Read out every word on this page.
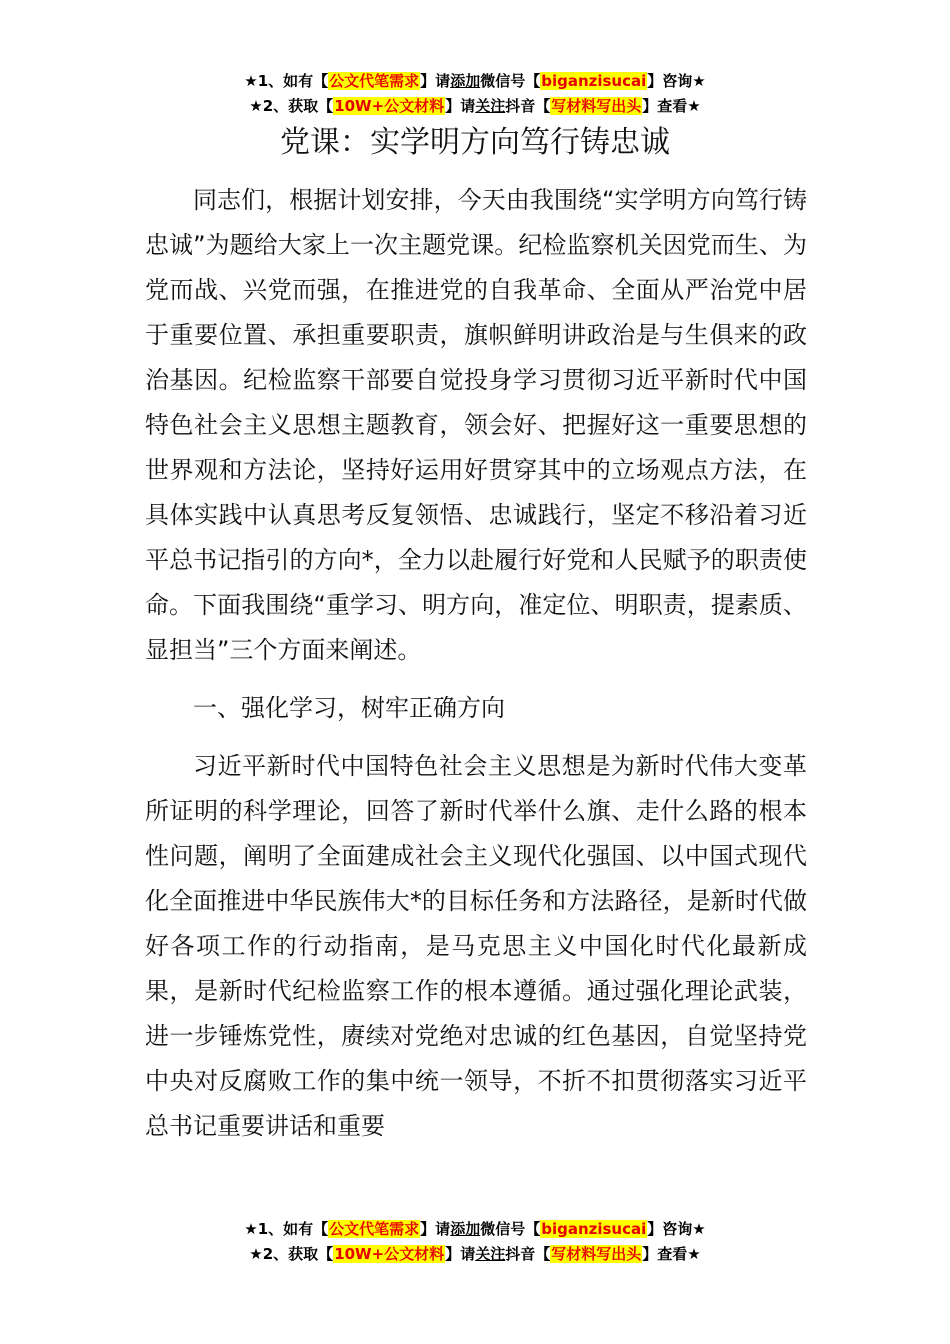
★1、如有【公文代笔需求】请添加微信号【biganzisucai】咨询★
★2、获取【10W+公文材料】请关注抖音【写材料写出头】查看★
党课：实学明方向笃行铸忠诚

同志们，根据计划安排，今天由我围绕“实学明方向笃行铸忠诚”为题给大家上一次主题党课。纪检监察机关因党而生、为党而战、兴党而强，在推进党的自我革命、全面从严治党中居于重要位置、承担重要职责，旗帜鲜明讲政治是与生俱来的政治基因。纪检监察干部要自觉投身学习贯彻习近平新时代中国特色社会主义思想主题教育，领会好、把握好这一重要思想的世界观和方法论，坚持好运用好贯穿其中的立场观点方法，在具体实践中认真思考反复领悟、忠诚践行，坚定不移沿着习近平总书记指引的方向*，全力以赴履行好党和人民赋予的职责使命。下面我围绕“重学习、明方向，准定位、明职责，提素质、显担当”三个方面来阐述。

一、强化学习，树牢正确方向

习近平新时代中国特色社会主义思想是为新时代伟大变革所证明的科学理论，回答了新时代举什么旗、走什么路的根本性问题，阐明了全面建成社会主义现代化强国、以中国式现代化全面推进中华民族伟大*的目标任务和方法路径，是新时代做好各项工作的行动指南，是马克思主义中国化时代化最新成果，是新时代纪检监察工作的根本遵循。通过强化理论武装，进一步锤炼党性，赓续对党绝对忠诚的红色基因，自觉坚持党中央对反腐败工作的集中统一领导，不折不扣贯彻落实习近平总书记重要讲话和重要

★1、如有【公文代笔需求】请添加微信号【biganzisucai】咨询★
★2、获取【10W+公文材料】请关注抖音【写材料写出头】查看★
